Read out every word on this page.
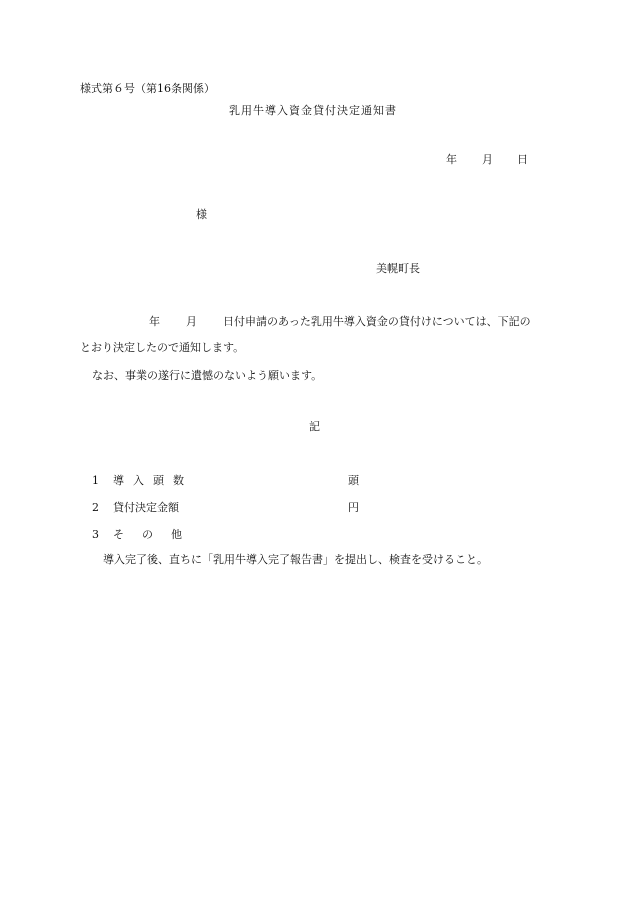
様式第６号（第16条関係）
乳用牛導入資金貸付決定通知書
年 月 日
様
美幌町長
年 月 日付申請のあった乳用牛導入資金の貸付けについては、下記の
とおり決定したので通知します。
なお、事業の遂行に遺憾のないよう願います。
記
1 導入頭数	頭
2 貸付決定金額	円
3 その他
導入完了後、直ちに「乳用牛導入完了報告書」を提出し、検査を受けること。
